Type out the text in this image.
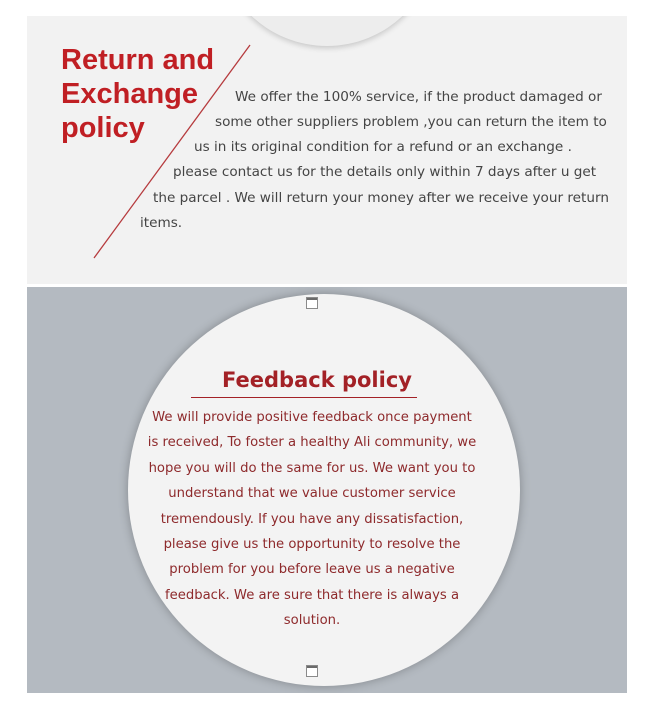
Return and
Exchange
policy

We offer the 100% service, if the product damaged or

some other suppliers problem ,you can return the item to

us in its original condition for a refund or an exchange .

please contact us for the details only within 7 days after u get

the parcel . We will return your money after we receive your return

items.

Feedback policy

We will provide positive feedback once payment
is received, To foster a healthy Ali community, we
hope you will do the same for us. We want you to
understand that we value customer service
tremendously. If you have any dissatisfaction,
please give us the opportunity to resolve the
problem for you before leave us a negative
feedback. We are sure that there is always a
solution.
